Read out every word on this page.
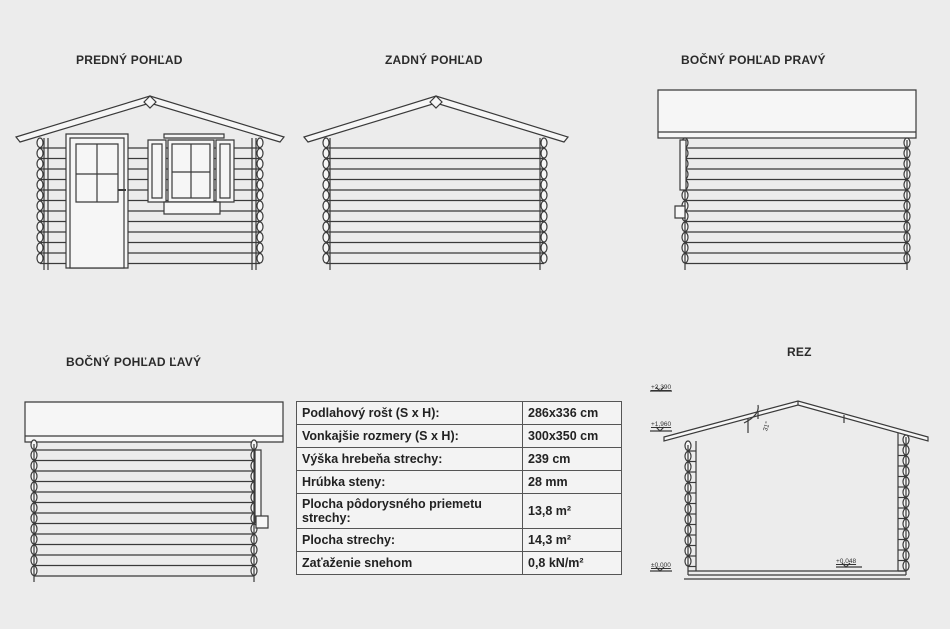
PREDNÝ POHĽAD	ZADNÝ POHĽAD	BOČNÝ POHĽAD PRAVÝ
BOČNÝ POHĽAD ĽAVÝ
REZ
+2,390
+1,960
±0,000
+0,048
31°
Podlahový rošt (S x H):	286x336 cm
Vonkajšie rozmery (S x H):	300x350 cm
Výška hrebeňa strechy:	239 cm
Hrúbka steny:	28 mm
Plocha pôdorysného priemetu strechy:	13,8 m²
Plocha strechy:	14,3 m²
Zaťaženie snehom	0,8 kN/m²
